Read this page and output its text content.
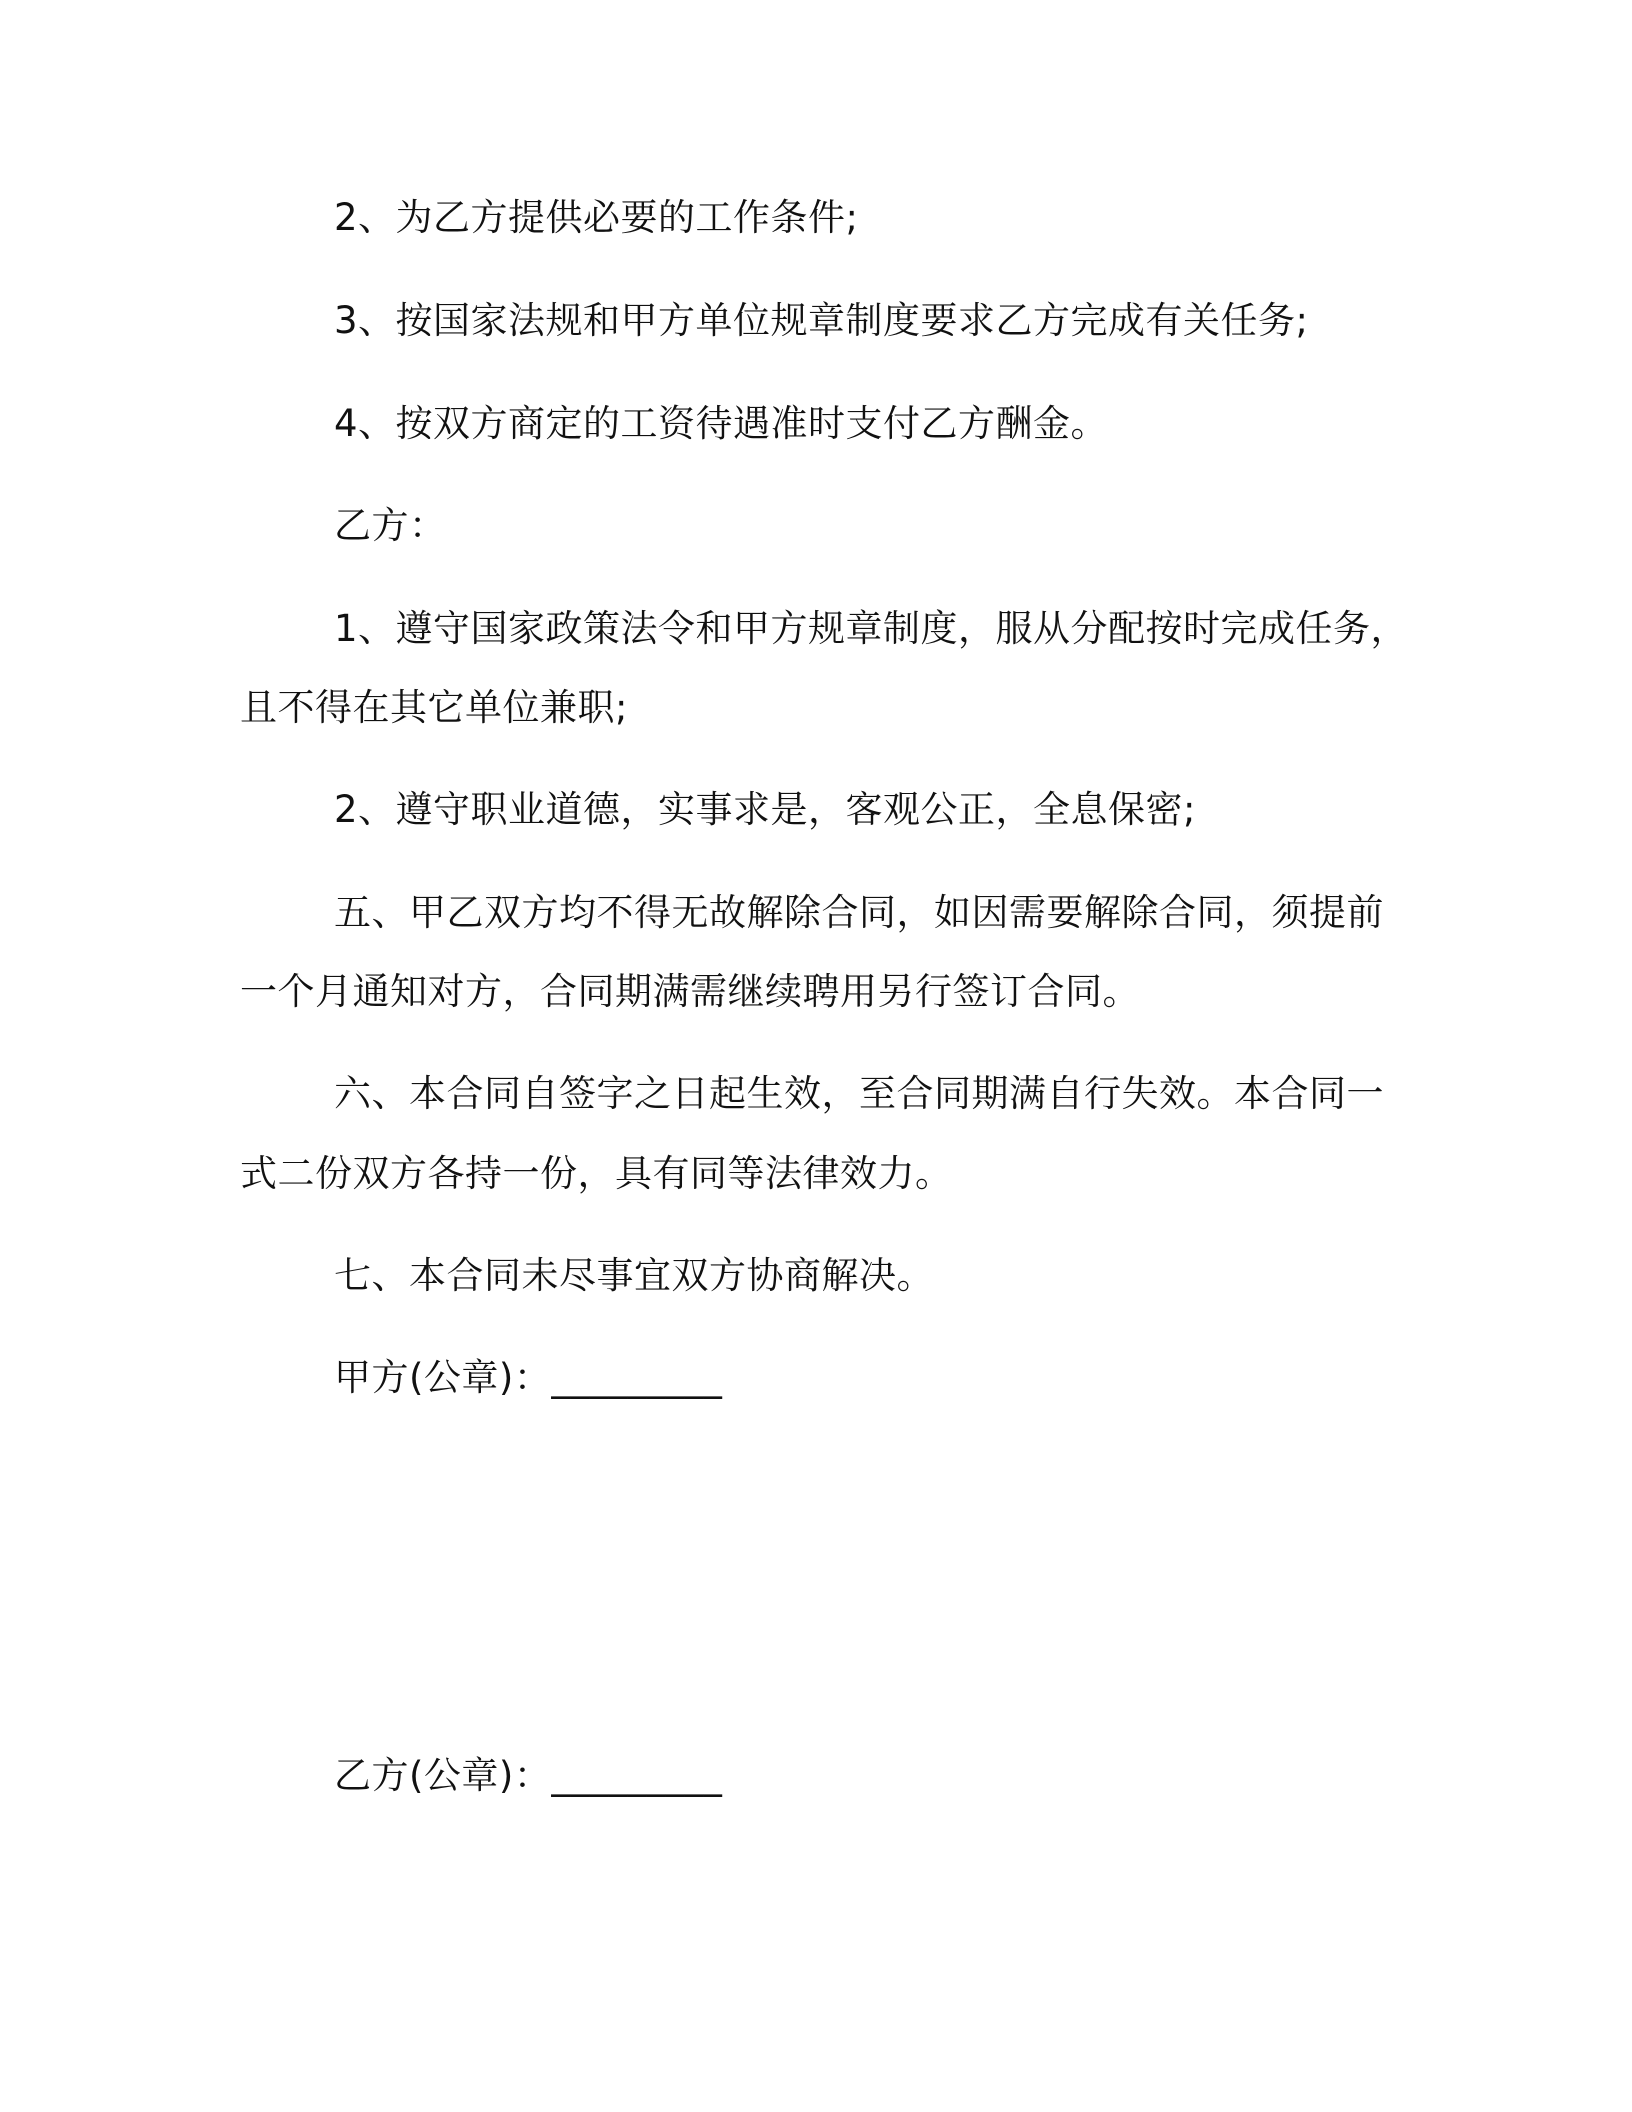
2、为乙方提供必要的工作条件;
3、按国家法规和甲方单位规章制度要求乙方完成有关任务;
4、按双方商定的工资待遇准时支付乙方酬金。
乙方：
1、遵守国家政策法令和甲方规章制度，服从分配按时完成任务，
且不得在其它单位兼职;
2、遵守职业道德，实事求是，客观公正，全息保密;
五、甲乙双方均不得无故解除合同，如因需要解除合同，须提前
一个月通知对方，合同期满需继续聘用另行签订合同。
六、本合同自签字之日起生效，至合同期满自行失效。本合同一
式二份双方各持一份，具有同等法律效力。
七、本合同未尽事宜双方协商解决。
甲方(公章)：_________
乙方(公章)：_________
